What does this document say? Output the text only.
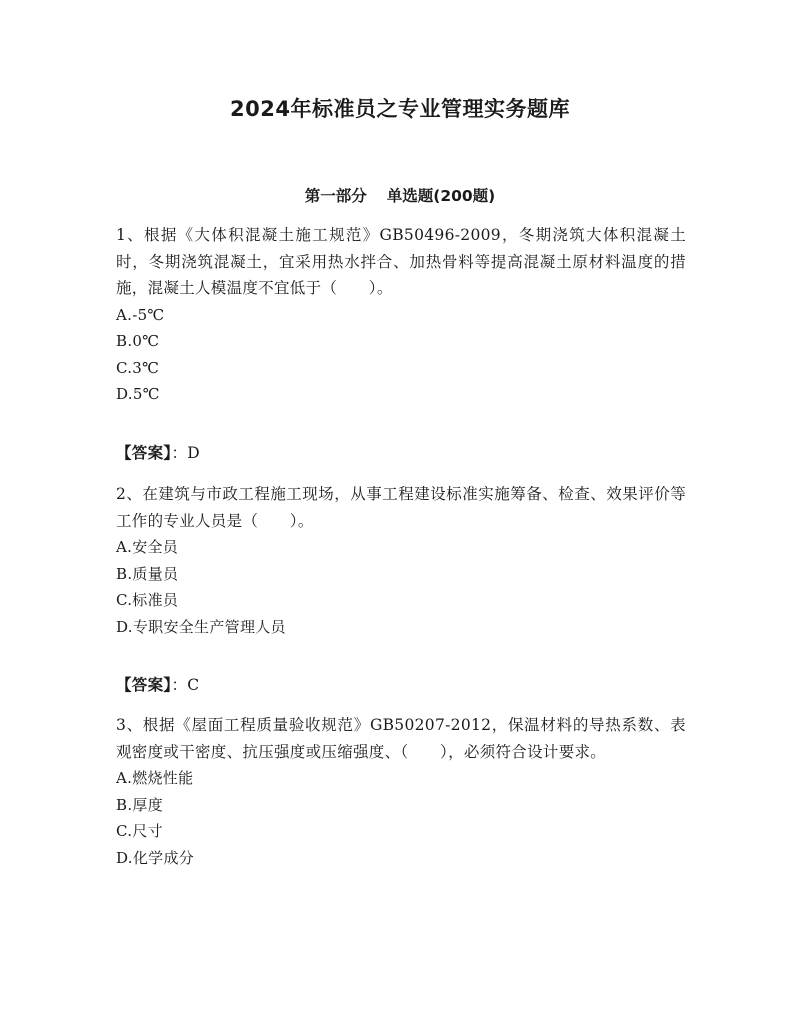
2024年标准员之专业管理实务题库
第一部分 单选题(200题)

1、根据《大体积混凝土施工规范》GB50496-2009，冬期浇筑大体积混凝土时，冬期浇筑混凝土，宜采用热水拌合、加热骨料等提高混凝土原材料温度的措施，混凝土人模温度不宜低于（　　）。

A.-5℃

B.0℃

C.3℃

D.5℃

【答案】：D

2、在建筑与市政工程施工现场，从事工程建设标准实施筹备、检查、效果评价等工作的专业人员是（　　）。

A.安全员

B.质量员

C.标准员

D.专职安全生产管理人员

【答案】：C

3、根据《屋面工程质量验收规范》GB50207-2012，保温材料的导热系数、表观密度或干密度、抗压强度或压缩强度、（　　），必须符合设计要求。

A.燃烧性能

B.厚度

C.尺寸

D.化学成分
